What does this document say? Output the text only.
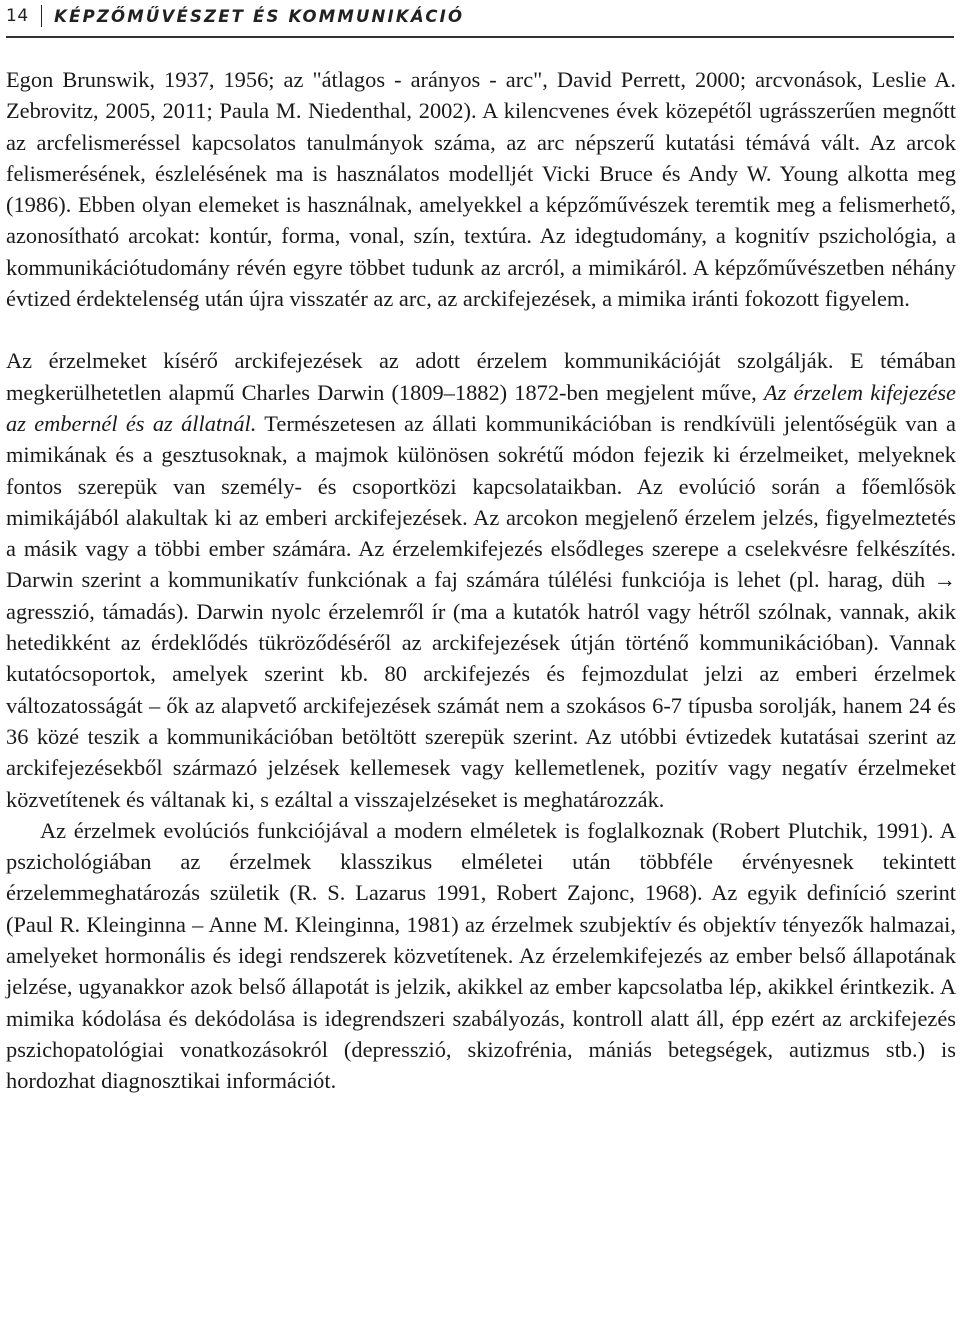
14 KÉPZŐMŰVÉSZET ÉS KOMMUNIKÁCIÓ

Egon Brunswik, 1937, 1956; az "átlagos - arányos - arc", David Perrett, 2000; arcvonások, Leslie A. Zebrovitz, 2005, 2011; Paula M. Niedenthal, 2002). A kilencvenes évek közepétől ugrásszerűen megnőtt az arcfelismeréssel kapcsolatos tanulmányok száma, az arc népszerű kutatási témává vált. Az arcok felismerésének, észlelésének ma is használatos modelljét Vicki Bruce és Andy W. Young alkotta meg (1986). Ebben olyan elemeket is használnak, amelyekkel a képzőművészek teremtik meg a felismerhető, azonosítható arcokat: kontúr, forma, vonal, szín, textúra. Az idegtudomány, a kognitív pszichológia, a kommunikációtudomány révén egyre többet tudunk az arcról, a mimikáról. A képzőművészetben néhány évtized érdektelenség után újra visszatér az arc, az arckifejezések, a mimika iránti fokozott figyelem.

Az érzelmeket kísérő arckifejezések az adott érzelem kommunikációját szolgálják. E témában megkerülhetetlen alapmű Charles Darwin (1809–1882) 1872-ben megjelent műve, Az érzelem kifejezése az embernél és az állatnál. Természetesen az állati kommunikációban is rendkívüli jelentőségük van a mimikának és a gesztusoknak, a majmok különösen sokrétű módon fejezik ki érzelmeiket, melyeknek fontos szerepük van személy- és csoportközi kapcsolataikban. Az evolúció során a főemlősök mimikájából alakultak ki az emberi arckifejezések. Az arcokon megjelenő érzelem jelzés, figyelmeztetés a másik vagy a többi ember számára. Az érzelemkifejezés elsődleges szerepe a cselekvésre felkészítés. Darwin szerint a kommunikatív funkciónak a faj számára túlélési funkciója is lehet (pl. harag, düh → agresszió, támadás). Darwin nyolc érzelemről ír (ma a kutatók hatról vagy hétről szólnak, vannak, akik hetedikként az érdeklődés tükröződéséről az arckifejezések útján történő kommunikációban). Vannak kutatócsoportok, amelyek szerint kb. 80 arckifejezés és fejmozdulat jelzi az emberi érzelmek változatosságát – ők az alapvető arckifejezések számát nem a szokásos 6-7 típusba sorolják, hanem 24 és 36 közé teszik a kommunikációban betöltött szerepük szerint. Az utóbbi évtizedek kutatásai szerint az arckifejezésekből származó jelzések kellemesek vagy kellemetlenek, pozitív vagy negatív érzelmeket közvetítenek és váltanak ki, s ezáltal a visszajelzéseket is meghatározzák.

Az érzelmek evolúciós funkciójával a modern elméletek is foglalkoznak (Robert Plutchik, 1991). A pszichológiában az érzelmek klasszikus elméletei után többféle érvényesnek tekintett érzelemmeghatározás születik (R. S. Lazarus 1991, Robert Zajonc, 1968). Az egyik definíció szerint (Paul R. Kleinginna – Anne M. Kleinginna, 1981) az érzelmek szubjektív és objektív tényezők halmazai, amelyeket hormonális és idegi rendszerek közvetítenek. Az érzelemkifejezés az ember belső állapotának jelzése, ugyanakkor azok belső állapotát is jelzik, akikkel az ember kapcsolatba lép, akikkel érintkezik. A mimika kódolása és dekódolása is idegrendszeri szabályozás, kontroll alatt áll, épp ezért az arckifejezés pszichopatológiai vonatkozásokról (depresszió, skizofrénia, mániás betegségek, autizmus stb.) is hordozhat diagnosztikai információt.
